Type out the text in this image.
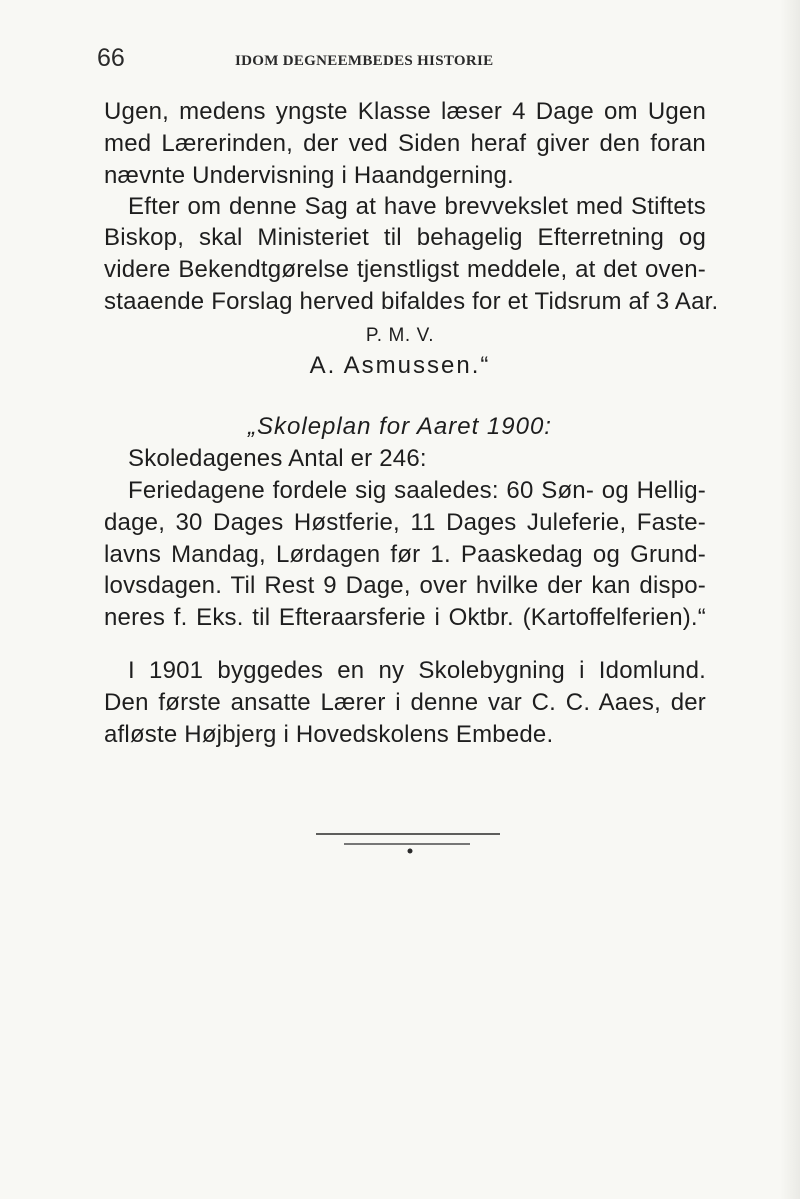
66	IDOM DEGNEEMBEDES HISTORIE
Ugen, medens yngste Klasse læser 4 Dage om Ugen
med Lærerinden, der ved Siden heraf giver den foran
nævnte Undervisning i Haandgerning.
Efter om denne Sag at have brevvekslet med Stiftets
Biskop, skal Ministeriet til behagelig Efterretning og
videre Bekendtgørelse tjenstligst meddele, at det oven-
staaende Forslag herved bifaldes for et Tidsrum af 3 Aar.
P. M. V.
A. Asmussen.“
„Skoleplan for Aaret 1900:
Skoledagenes Antal er 246:
Feriedagene fordele sig saaledes: 60 Søn- og Hellig-
dage, 30 Dages Høstferie, 11 Dages Juleferie, Faste-
lavns Mandag, Lørdagen før 1. Paaskedag og Grund-
lovsdagen. Til Rest 9 Dage, over hvilke der kan dispo-
neres f. Eks. til Efteraarsferie i Oktbr. (Kartoffelferien).“
I 1901 byggedes en ny Skolebygning i Idomlund.
Den første ansatte Lærer i denne var C. C. Aaes, der
afløste Højbjerg i Hovedskolens Embede.
